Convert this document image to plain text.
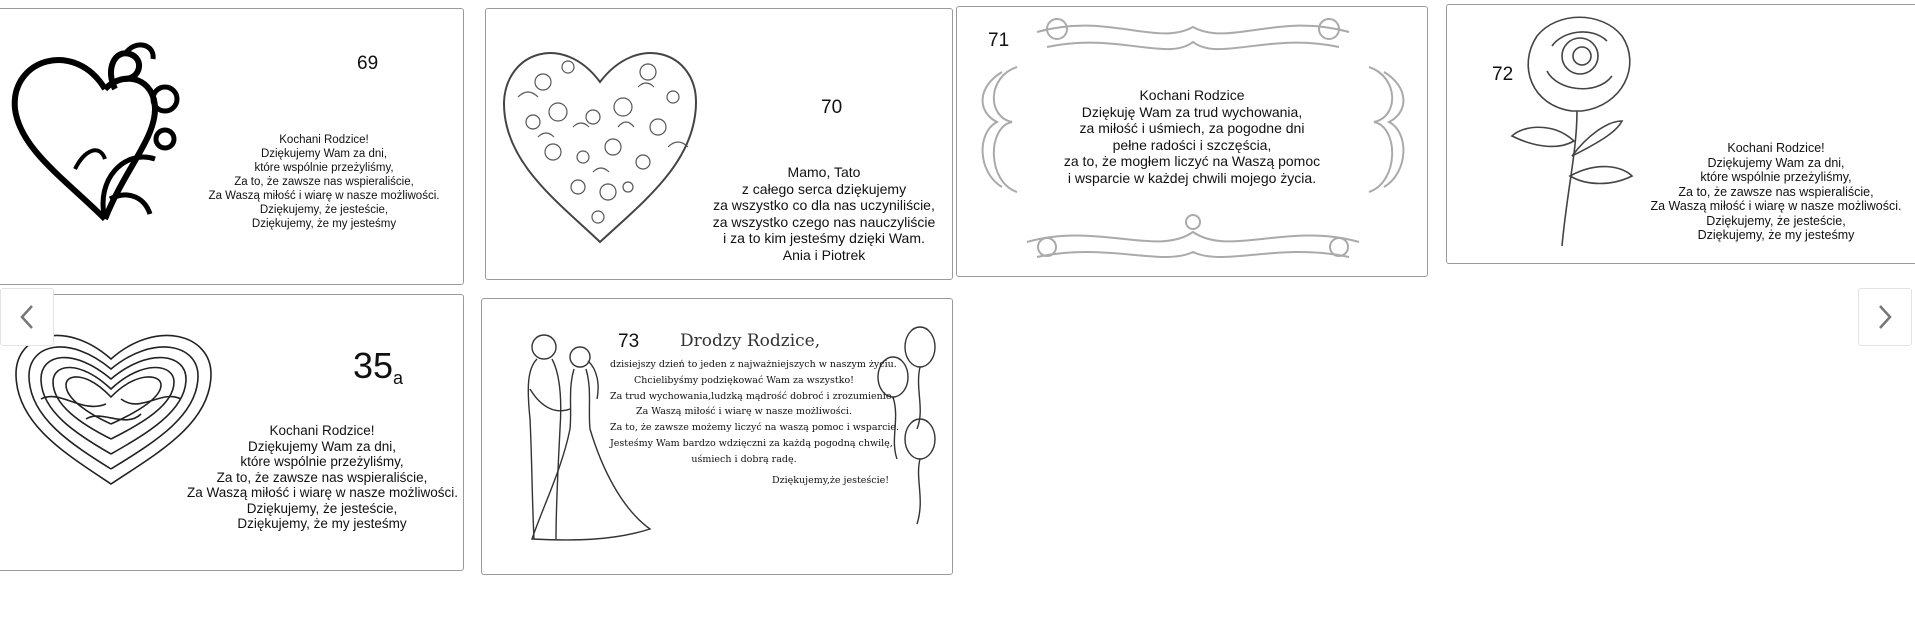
69
Kochani Rodzice!
Dziękujemy Wam za dni,
które wspólnie przeżyliśmy,
Za to, że zawsze nas wspieraliście,
Za Waszą miłość i wiarę w nasze możliwości.
Dziękujemy, że jesteście,
Dziękujemy, że my jesteśmy
70
Mamo, Tato
z całego serca dziękujemy
za wszystko co dla nas uczyniliście,
za wszystko czego nas nauczyliście
i za to kim jesteśmy dzięki Wam.
Ania i Piotrek
71
Kochani Rodzice
Dziękuję Wam za trud wychowania,
za miłość i uśmiech, za pogodne dni
pełne radości i szczęścia,
za to, że mogłem liczyć na Waszą pomoc
i wsparcie w każdej chwili mojego życia.
72
Kochani Rodzice!
Dziękujemy Wam za dni,
które wspólnie przeżyliśmy,
Za to, że zawsze nas wspieraliście,
Za Waszą miłość i wiarę w nasze możliwości.
Dziękujemy, że jesteście,
Dziękujemy, że my jesteśmy
35a
Kochani Rodzice!
Dziękujemy Wam za dni,
które wspólnie przeżyliśmy,
Za to, że zawsze nas wspieraliście,
Za Waszą miłość i wiarę w nasze możliwości.
Dziękujemy, że jesteście,
Dziękujemy, że my jesteśmy
73 Drodzy Rodzice,
dzisiejszy dzień to jeden z najważniejszych w naszym życiu.
Chcielibyśmy podziękować Wam za wszystko!
Za trud wychowania,ludzką mądrość dobroć i zrozumienie.
Za Waszą miłość i wiarę w nasze możliwości.
Za to, że zawsze możemy liczyć na waszą pomoc i wsparcie.
Jesteśmy Wam bardzo wdzięczni za każdą pogodną chwilę,
uśmiech i dobrą radę.
Dziękujemy,że jesteście!
